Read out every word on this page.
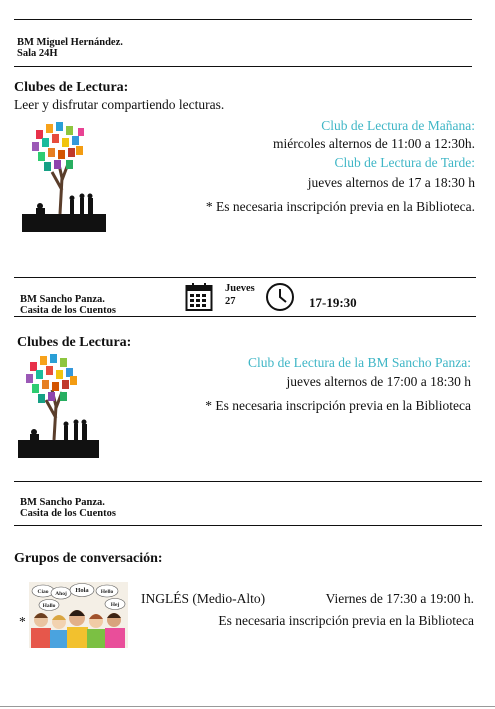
BM Miguel Hernández.
Sala 24H
Clubes de Lectura:
Leer y disfrutar compartiendo lecturas.
Club de Lectura de Mañana:
miércoles alternos de 11:00 a 12:30h.
Club de Lectura de Tarde:
jueves alternos de 17 a 18:30 h
* Es necesaria inscripción previa en la Biblioteca.
BM Sancho Panza.
Casita de los Cuentos
Jueves
27	17-19:30
Clubes de Lectura:
Club de Lectura de la BM Sancho Panza:
jueves alternos de 17:00 a 18:30 h
* Es necesaria inscripción previa en la Biblioteca
BM Sancho Panza.
Casita de los Cuentos
Grupos de conversación:
Ciao Ahoj Hola Hello
Hallo	Hej INGLÉS (Medio-Alto)	Viernes de 17:30 a 19:00 h.
*	Es necesaria inscripción previa en la Biblioteca
